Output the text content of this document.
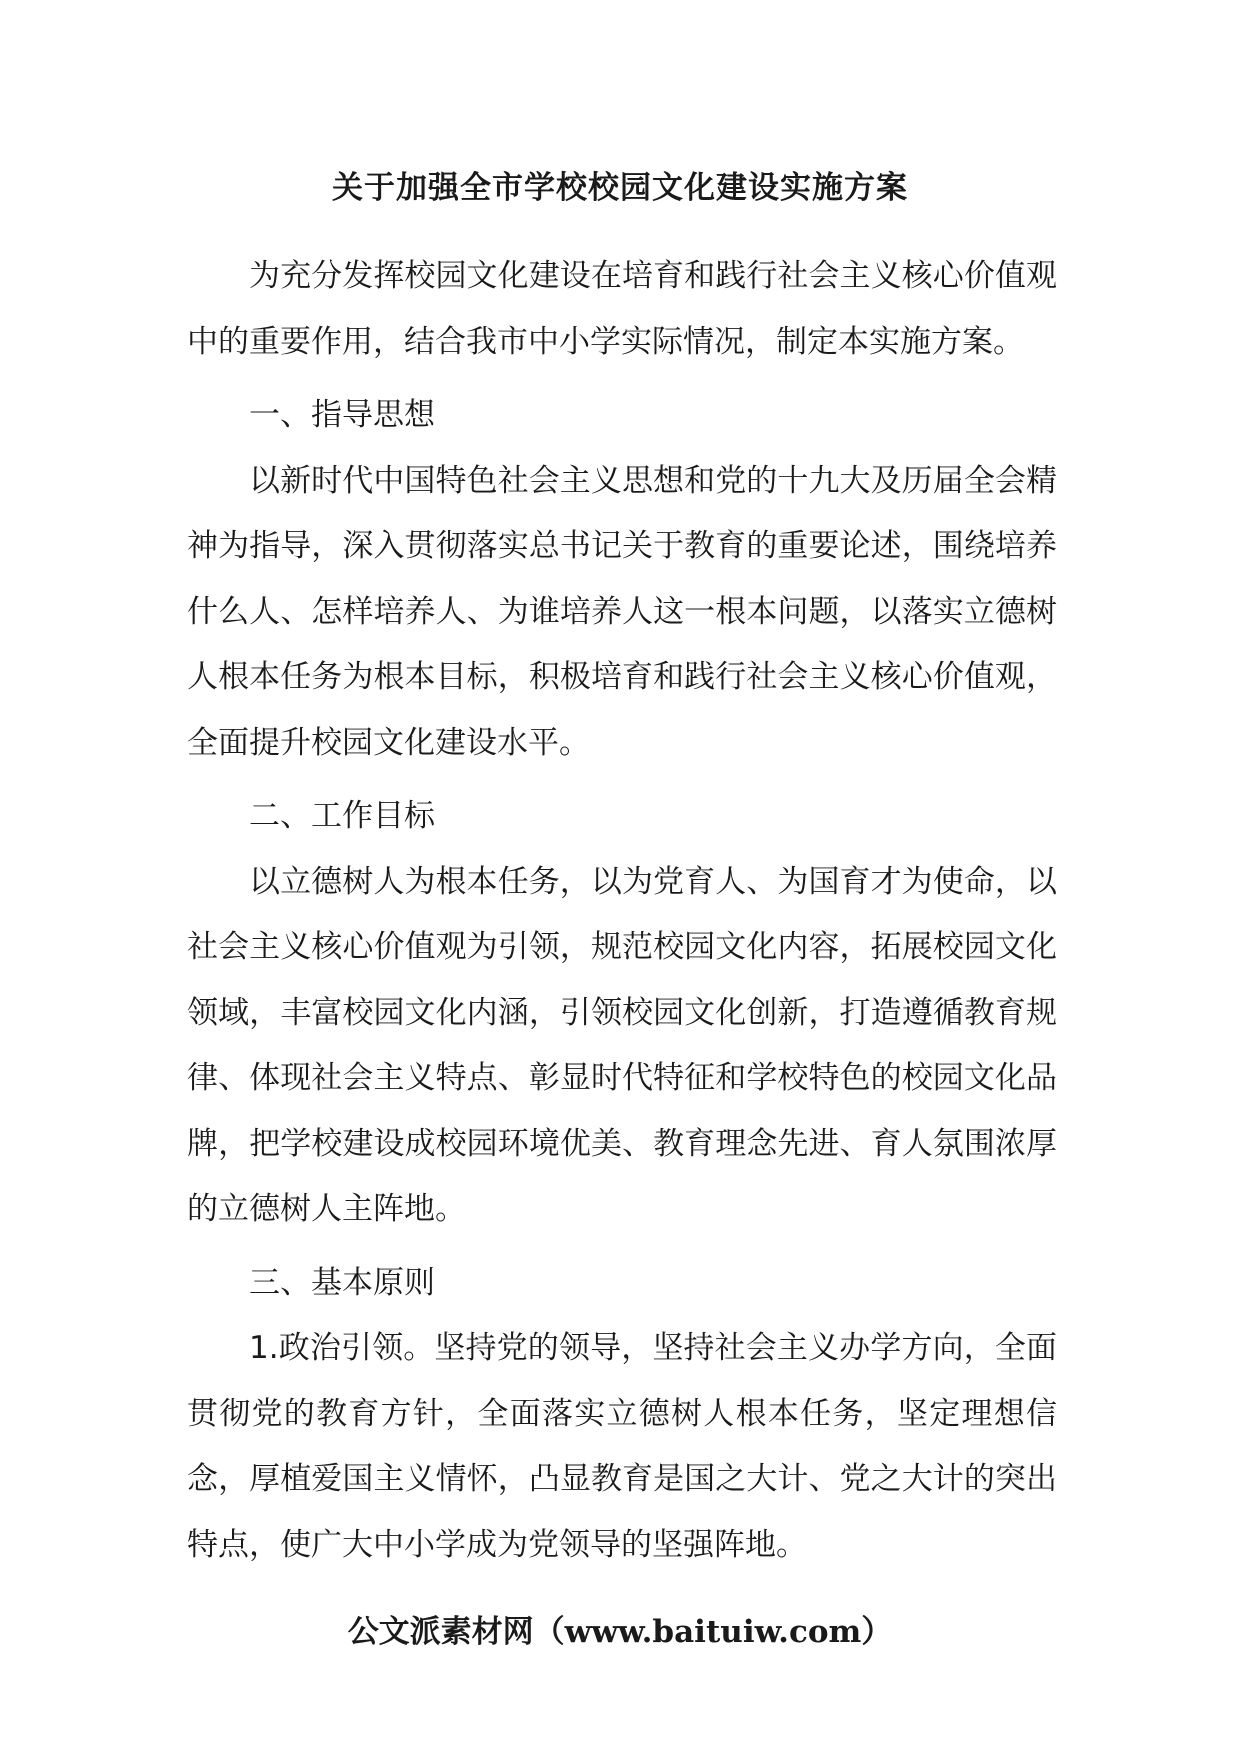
关于加强全市学校校园文化建设实施方案

为充分发挥校园文化建设在培育和践行社会主义核心价值观中的重要作用，结合我市中小学实际情况，制定本实施方案。

一、指导思想

以新时代中国特色社会主义思想和党的十九大及历届全会精神为指导，深入贯彻落实总书记关于教育的重要论述，围绕培养什么人、怎样培养人、为谁培养人这一根本问题，以落实立德树人根本任务为根本目标，积极培育和践行社会主义核心价值观，全面提升校园文化建设水平。

二、工作目标

以立德树人为根本任务，以为党育人、为国育才为使命，以社会主义核心价值观为引领，规范校园文化内容，拓展校园文化领域，丰富校园文化内涵，引领校园文化创新，打造遵循教育规律、体现社会主义特点、彰显时代特征和学校特色的校园文化品牌，把学校建设成校园环境优美、教育理念先进、育人氛围浓厚的立德树人主阵地。

三、基本原则

1.政治引领。坚持党的领导，坚持社会主义办学方向，全面贯彻党的教育方针，全面落实立德树人根本任务，坚定理想信念，厚植爱国主义情怀，凸显教育是国之大计、党之大计的突出特点，使广大中小学成为党领导的坚强阵地。

公文派素材网（www.baituiw.com）
